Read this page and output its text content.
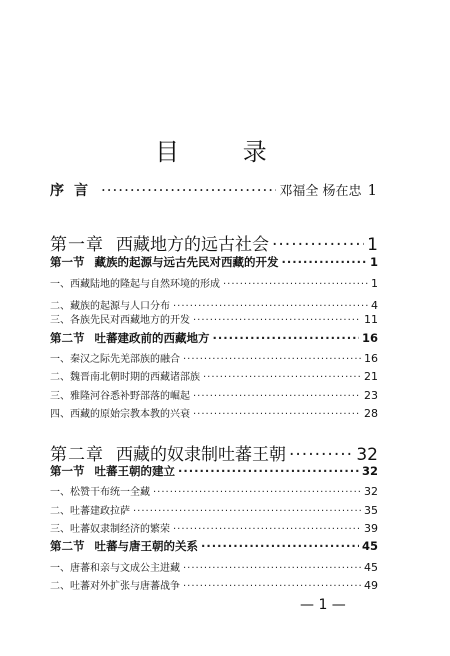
目 录
序言 ·····	邓福全 杨在忠 1
第一章 西藏地方的远古社会 ·····	1
第一节 藏族的起源与远古先民对西藏的开发 ·····	1
一、西藏陆地的隆起与自然环境的形成 ·····	1
二、藏族的起源与人口分布 ·····	4
三、各族先民对西藏地方的开发 ·····	11
第二节 吐蕃建政前的西藏地方 ·····	16
一、秦汉之际先羌部族的融合 ·····	16
二、魏晋南北朝时期的西藏诸部族 ·····	21
三、雅隆河谷悉补野部落的崛起 ·····	23
四、西藏的原始宗教本教的兴衰 ·····	28
第二章 西藏的奴隶制吐蕃王朝 ·····	32
第一节 吐蕃王朝的建立 ·····	32
一、松赞干布统一全藏 ·····	32
二、吐蕃建政拉萨 ·····	35
三、吐蕃奴隶制经济的繁荣 ·····	39
第二节 吐蕃与唐王朝的关系 ·····	45
一、唐蕃和亲与文成公主进藏 ·····	45
二、吐蕃对外扩张与唐蕃战争 ·····	49
— 1 —
